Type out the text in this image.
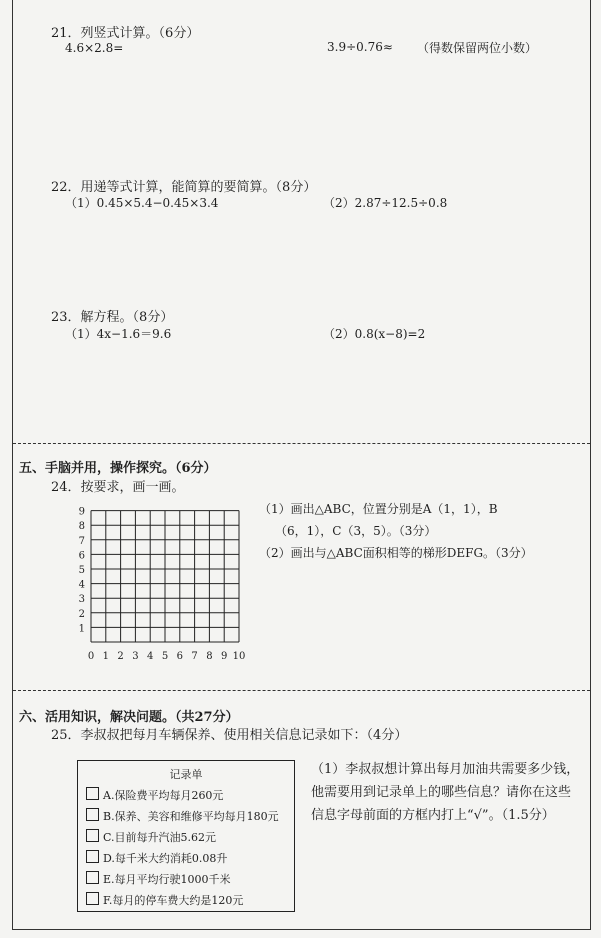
21．列竖式计算。（6分）
4.6×2.8=	3.9÷0.76≈ （得数保留两位小数）
22．用递等式计算，能简算的要简算。（8分）
（1）0.45×5.4−0.45×3.4	（2）2.87÷12.5÷0.8
23．解方程。（8分）
（1）4x−1.6＝9.6	（2）0.8(x−8)=2
五、手脑并用，操作探究。（6分）
24．按要求，画一画。
0 1 2 3 4 5 6 7 8 9 10
1
2
3
4
5
6
7
8
9	（1）画出△ABC，位置分别是A（1，1），B
（6，1），C（3，5）。（3分）
（2）画出与△ABC面积相等的梯形DEFG。（3分）
六、活用知识，解决问题。（共27分）
25．李叔叔把每月车辆保养、使用相关信息记录如下：（4分）
记录单
A.保险费平均每月260元
B.保养、美容和维修平均每月180元
C.目前每升汽油5.62元
D.每千米大约消耗0.08升
E.每月平均行驶1000千米
F.每月的停车费大约是120元
（1）李叔叔想计算出每月加油共需要多少钱，他需要用到记录单上的哪些信息？请你在这些信息字母前面的方框内打上“√”。（1.5分）
